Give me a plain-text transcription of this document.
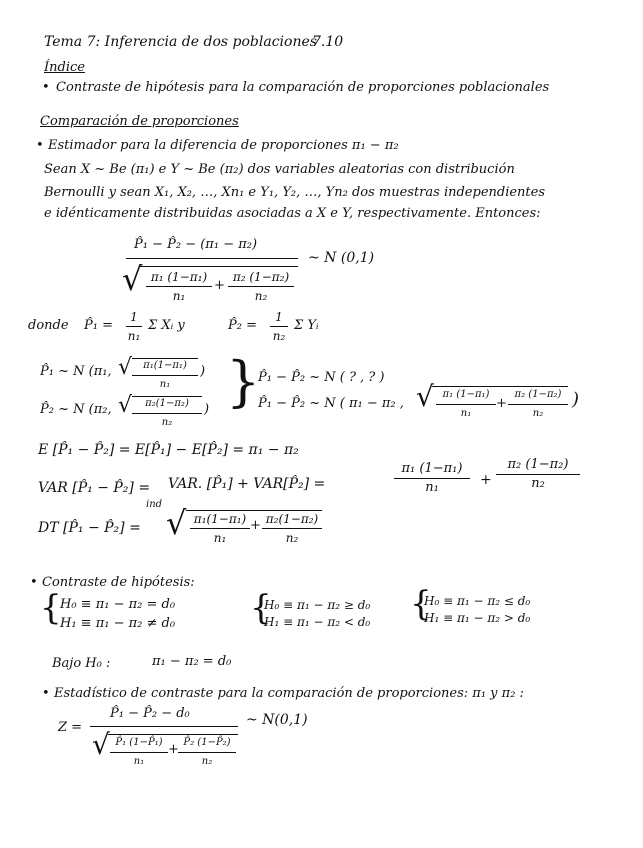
Tema 7: Inferencia de dos poblaciones
7.10
Índice
• Contraste de hipótesis para la comparación de proporciones poblacionales
Comparación de proporciones
• Estimador para la diferencia de proporciones π₁ − π₂
Sean X ~ Be (π₁) e Y ~ Be (π₂) dos variables aleatorias con distribución
Bernoulli y sean X₁, X₂, …, Xn₁ e Y₁, Y₂, …, Yn₂ dos muestras independientes
e idénticamente distribuidas asociadas a X e Y, respectivamente. Entonces:
P̂₁ − P̂₂ − (π₁ − π₂)
√ π₁ (1−π₁)
n₁
+
π₂ (1−π₂)
n₂
~ N (0,1)
donde P̂₁ =
1
n₁
Σ Xᵢ y	P̂₂ =
1
n₂
Σ Yᵢ
P̂₁ ~ N (π₁, √	π₁(1−π₁)
n₁
)
P̂₂ ~ N (π₂, √	π₂(1−π₂)
n₂
) }
P̂₁ − P̂₂ ~ N ( ? , ? )
P̂₁ − P̂₂ ~ N ( π₁ − π₂ , √ π₁ (1−π₁)
n₁
+
π₂ (1−π₂)
n₂
)
E [P̂₁ − P̂₂] = E[P̂₁] − E[P̂₂] = π₁ − π₂
VAR [P̂₁ − P̂₂] =
ind
VAR. [P̂₁] + VAR[P̂₂] =
π₁ (1−π₁)
n₁	+
π₂ (1−π₂)
n₂
DT [P̂₁ − P̂₂] = √ π₁(1−π₁)
n₁
+ π₂(1−π₂)
n₂
• Contraste de hipótesis:
{
H₀ ≡ π₁ − π₂ = d₀
H₁ ≡ π₁ − π₂ ≠ d₀ {
H₀ ≡ π₁ − π₂ ≥ d₀
H₁ ≡ π₁ − π₂ < d₀ {
H₀ ≡ π₁ − π₂ ≤ d₀
H₁ ≡ π₁ − π₂ > d₀
Bajo H₀ :	π₁ − π₂ = d₀
• Estadístico de contraste para la comparación de proporciones: π₁ y π₂ :
Z =
P̂₁ − P̂₂ − d₀
√ P̂₁ (1−P̂₁)
n₁
+ P̂₂ (1−P̂₂)
n₂
~ N(0,1)
